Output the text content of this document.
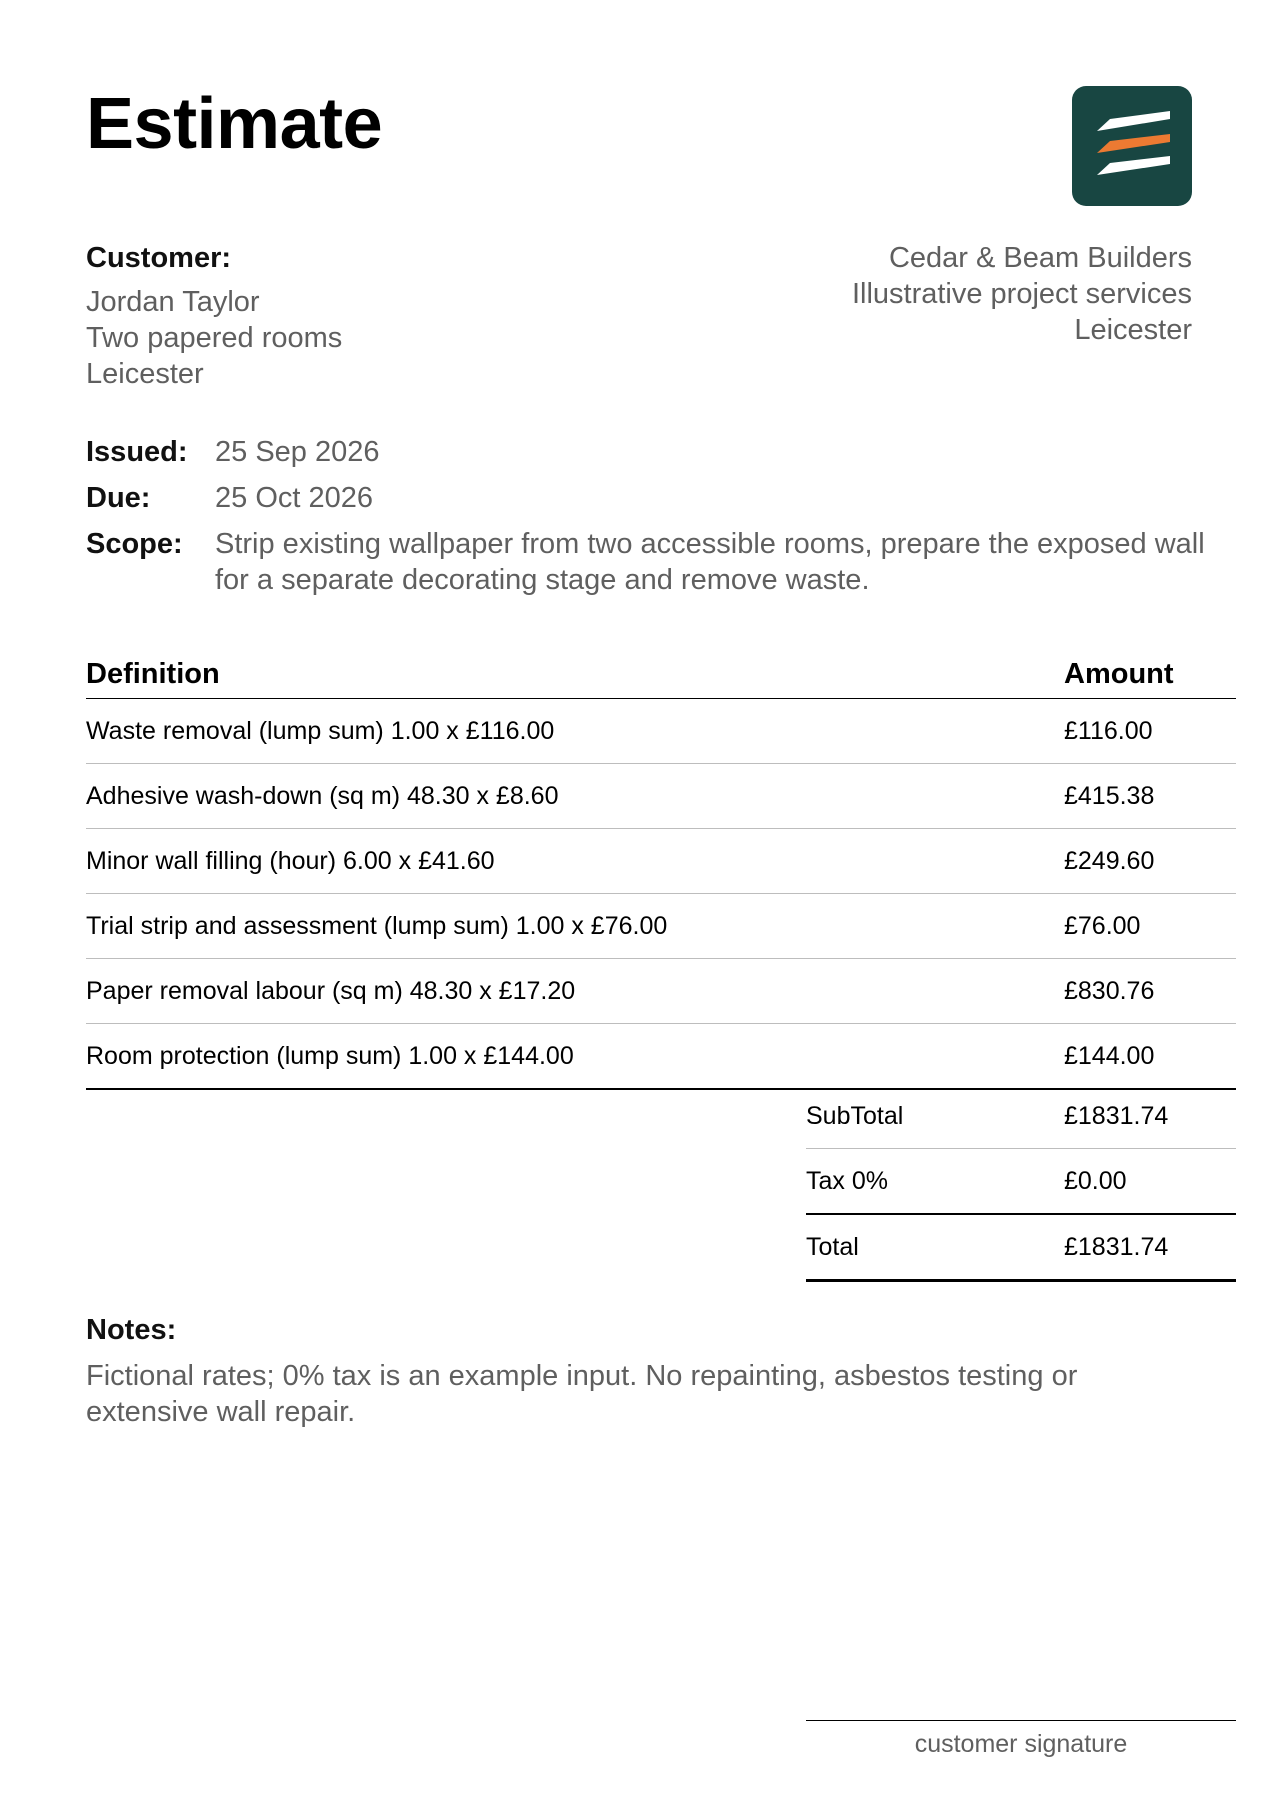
Estimate
Customer:
Jordan Taylor
Two papered rooms
Leicester
Cedar & Beam Builders
Illustrative project services
Leicester
Issued: 25 Sep 2026
Due:	25 Oct 2026
Scope:	Strip existing wallpaper from two accessible rooms, prepare the exposed wall for a separate decorating stage and remove waste.
Definition	Amount
Waste removal (lump sum) 1.00 x £116.00	£116.00
Adhesive wash-down (sq m) 48.30 x £8.60	£415.38
Minor wall filling (hour) 6.00 x £41.60	£249.60
Trial strip and assessment (lump sum) 1.00 x £76.00	£76.00
Paper removal labour (sq m) 48.30 x £17.20	£830.76
Room protection (lump sum) 1.00 x £144.00	£144.00
SubTotal	£1831.74
Tax 0%	£0.00
Total	£1831.74
Notes:
Fictional rates; 0% tax is an example input. No repainting, asbestos testing or extensive wall repair.
customer signature
